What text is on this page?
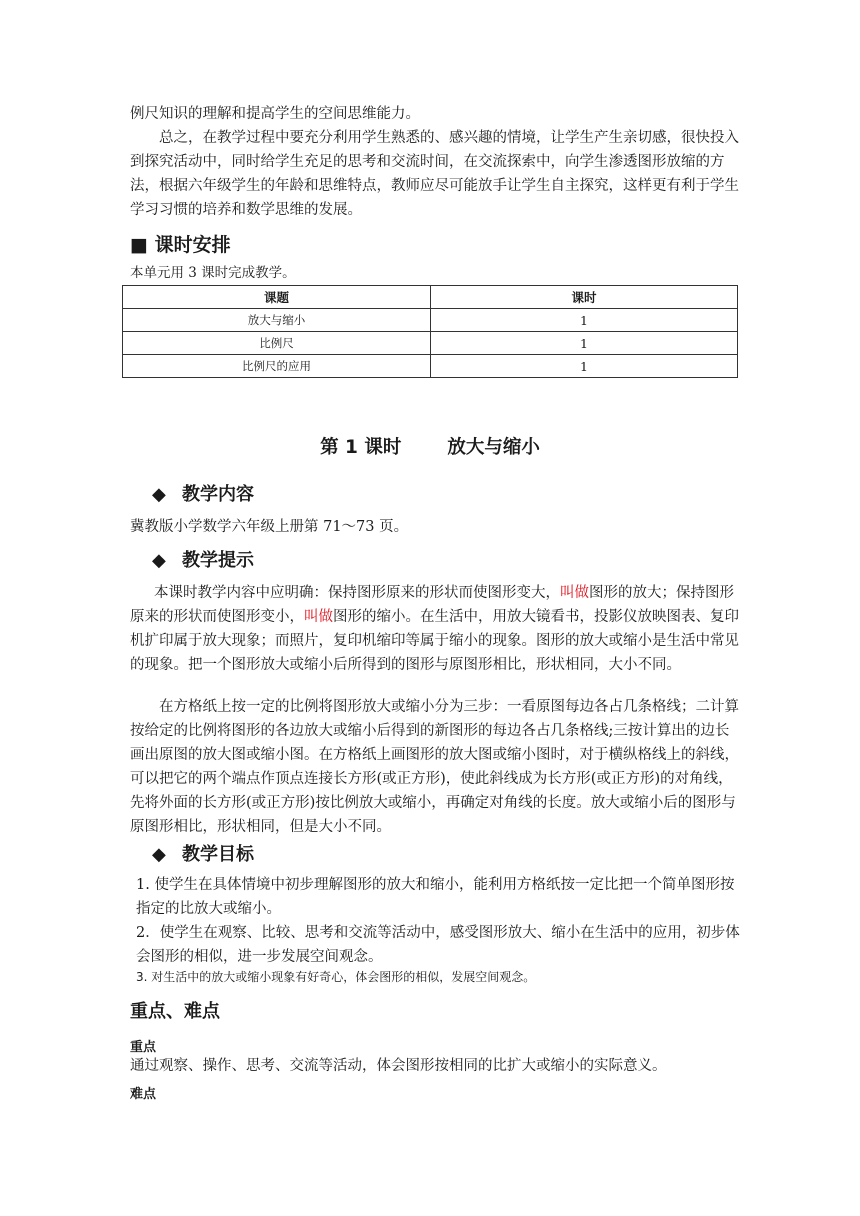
例尺知识的理解和提高学生的空间思维能力。

总之，在教学过程中要充分利用学生熟悉的、感兴趣的情境，让学生产生亲切感，很快投入到探究活动中，同时给学生充足的思考和交流时间，在交流探索中，向学生渗透图形放缩的方法，根据六年级学生的年龄和思维特点，教师应尽可能放手让学生自主探究，这样更有利于学生学习习惯的培养和数学思维的发展。

■ 课时安排

本单元用 3 课时完成教学。

课题	课时
放大与缩小	1
比例尺	1
比例尺的应用	1
第 1 课时 放大与缩小
◆ 教学内容

冀教版小学数学六年级上册第 71～73 页。

◆ 教学提示

本课时教学内容中应明确：保持图形原来的形状而使图形变大，叫做图形的放大；保持图形原来的形状而使图形变小，叫做图形的缩小。在生活中，用放大镜看书，投影仪放映图表、复印机扩印属于放大现象；而照片，复印机缩印等属于缩小的现象。图形的放大或缩小是生活中常见的现象。把一个图形放大或缩小后所得到的图形与原图形相比，形状相同，大小不同。

在方格纸上按一定的比例将图形放大或缩小分为三步：一看原图每边各占几条格线；二计算按给定的比例将图形的各边放大或缩小后得到的新图形的每边各占几条格线;三按计算出的边长画出原图的放大图或缩小图。在方格纸上画图形的放大图或缩小图时，对于横纵格线上的斜线，可以把它的两个端点作顶点连接长方形(或正方形)，使此斜线成为长方形(或正方形)的对角线，先将外面的长方形(或正方形)按比例放大或缩小，再确定对角线的长度。放大或缩小后的图形与原图形相比，形状相同，但是大小不同。

◆ 教学目标

1. 使学生在具体情境中初步理解图形的放大和缩小，能利用方格纸按一定比把一个简单图形按指定的比放大或缩小。

2．使学生在观察、比较、思考和交流等活动中，感受图形放大、缩小在生活中的应用，初步体会图形的相似，进一步发展空间观念。

3. 对生活中的放大或缩小现象有好奇心，体会图形的相似，发展空间观念。

重点、难点

重点

通过观察、操作、思考、交流等活动，体会图形按相同的比扩大或缩小的实际意义。

难点
